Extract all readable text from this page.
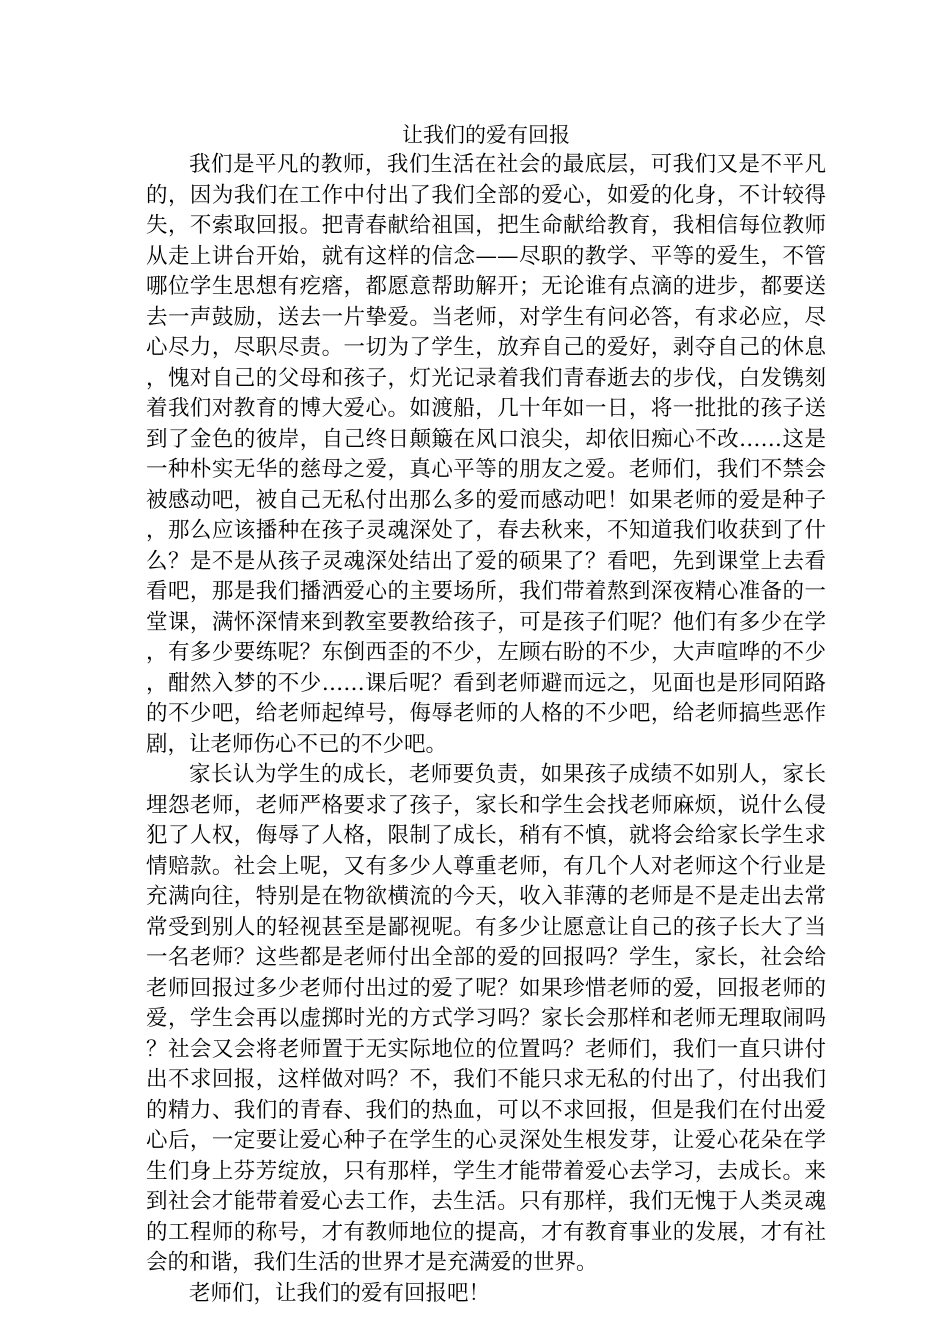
让我们的爱有回报

我们是平凡的教师，我们生活在社会的最底层，可我们又是不平凡的，因为我们在工作中付出了我们全部的爱心，如爱的化身，不计较得失，不索取回报。把青春献给祖国，把生命献给教育，我相信每位教师从走上讲台开始，就有这样的信念——尽职的教学、平等的爱生，不管哪位学生思想有疙瘩，都愿意帮助解开；无论谁有点滴的进步，都要送去一声鼓励，送去一片挚爱。当老师，对学生有问必答，有求必应，尽心尽力，尽职尽责。一切为了学生，放弃自己的爱好，剥夺自己的休息，愧对自己的父母和孩子，灯光记录着我们青春逝去的步伐，白发镌刻着我们对教育的博大爱心。如渡船，几十年如一日，将一批批的孩子送到了金色的彼岸，自己终日颠簸在风口浪尖，却依旧痴心不改……这是一种朴实无华的慈母之爱，真心平等的朋友之爱。老师们，我们不禁会被感动吧，被自己无私付出那么多的爱而感动吧！如果老师的爱是种子，那么应该播种在孩子灵魂深处了，春去秋来，不知道我们收获到了什么？是不是从孩子灵魂深处结出了爱的硕果了？看吧，先到课堂上去看看吧，那是我们播洒爱心的主要场所，我们带着熬到深夜精心准备的一堂课，满怀深情来到教室要教给孩子，可是孩子们呢？他们有多少在学，有多少要练呢？东倒西歪的不少，左顾右盼的不少，大声喧哗的不少，酣然入梦的不少……课后呢？看到老师避而远之，见面也是形同陌路的不少吧，给老师起绰号，侮辱老师的人格的不少吧，给老师搞些恶作剧，让老师伤心不已的不少吧。

家长认为学生的成长，老师要负责，如果孩子成绩不如别人，家长埋怨老师，老师严格要求了孩子，家长和学生会找老师麻烦，说什么侵犯了人权，侮辱了人格，限制了成长，稍有不慎，就将会给家长学生求情赔款。社会上呢，又有多少人尊重老师，有几个人对老师这个行业是充满向往，特别是在物欲横流的今天，收入菲薄的老师是不是走出去常常受到别人的轻视甚至是鄙视呢。有多少让愿意让自己的孩子长大了当一名老师？这些都是老师付出全部的爱的回报吗？学生，家长，社会给老师回报过多少老师付出过的爱了呢？如果珍惜老师的爱，回报老师的爱，学生会再以虚掷时光的方式学习吗？家长会那样和老师无理取闹吗？社会又会将老师置于无实际地位的位置吗？老师们，我们一直只讲付出不求回报，这样做对吗？不，我们不能只求无私的付出了，付出我们的精力、我们的青春、我们的热血，可以不求回报，但是我们在付出爱心后，一定要让爱心种子在学生的心灵深处生根发芽，让爱心花朵在学生们身上芬芳绽放，只有那样，学生才能带着爱心去学习，去成长。来到社会才能带着爱心去工作，去生活。只有那样，我们无愧于人类灵魂的工程师的称号，才有教师地位的提高，才有教育事业的发展，才有社会的和谐，我们生活的世界才是充满爱的世界。

老师们，让我们的爱有回报吧！
